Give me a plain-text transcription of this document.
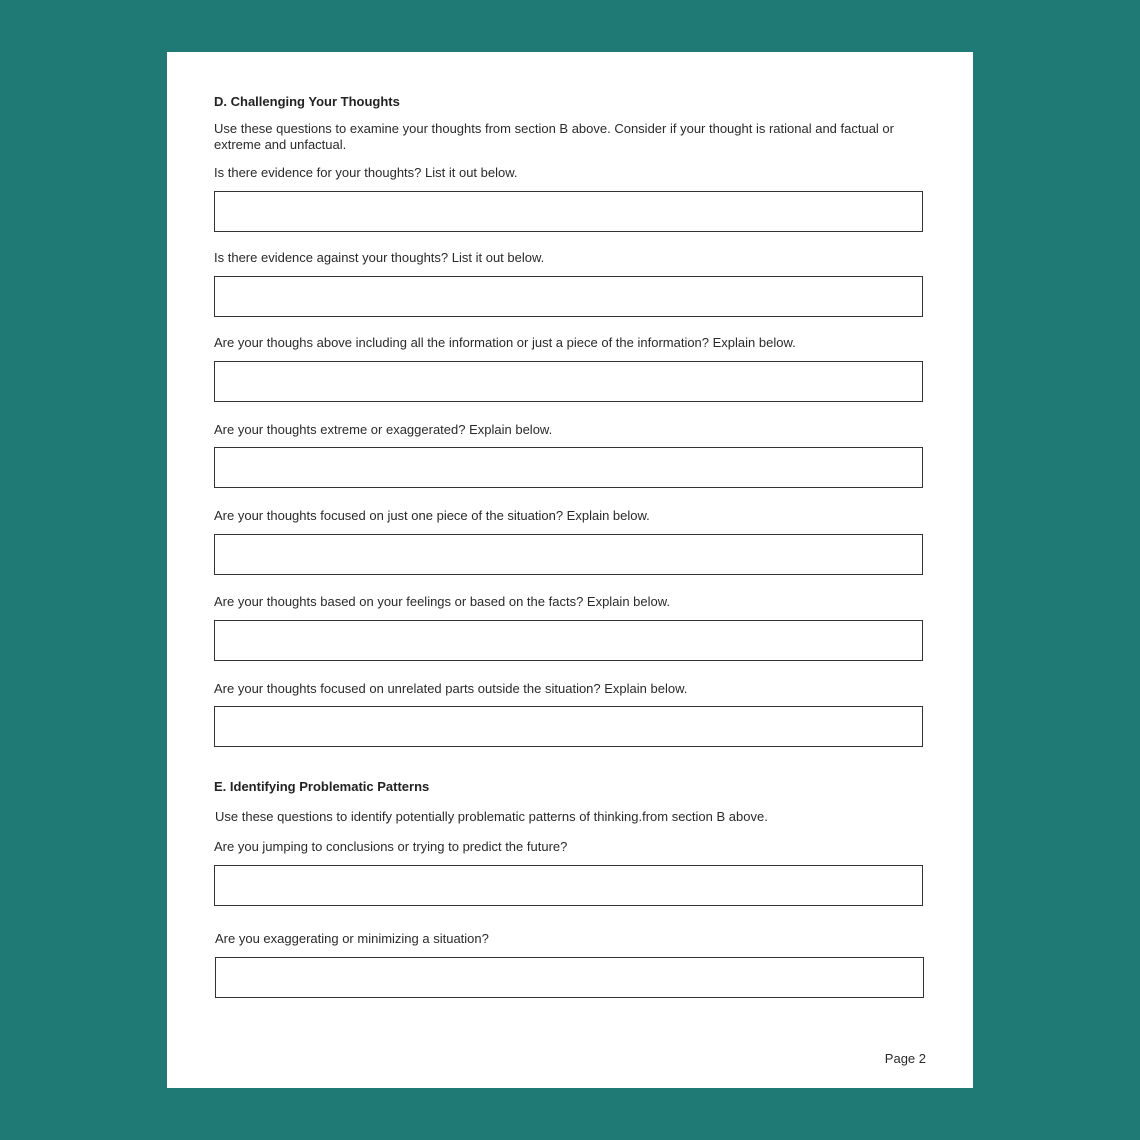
D. Challenging Your Thoughts
Use these questions to examine your thoughts from section B above. Consider if your thought is rational and factual or extreme and unfactual.
Is there evidence for your thoughts? List it out below.
Is there evidence against your thoughts? List it out below.
Are your thoughs above including all the information or just a piece of the information? Explain below.
Are your thoughts extreme or exaggerated? Explain below.
Are your thoughts focused on just one piece of the situation? Explain below.
Are your thoughts based on your feelings or based on the facts? Explain below.
Are your thoughts focused on unrelated parts outside the situation? Explain below.
E. Identifying Problematic Patterns
Use these questions to identify potentially problematic patterns of thinking.from section B above.
Are you jumping to conclusions or trying to predict the future?
Are you exaggerating or minimizing a situation?
Page 2
